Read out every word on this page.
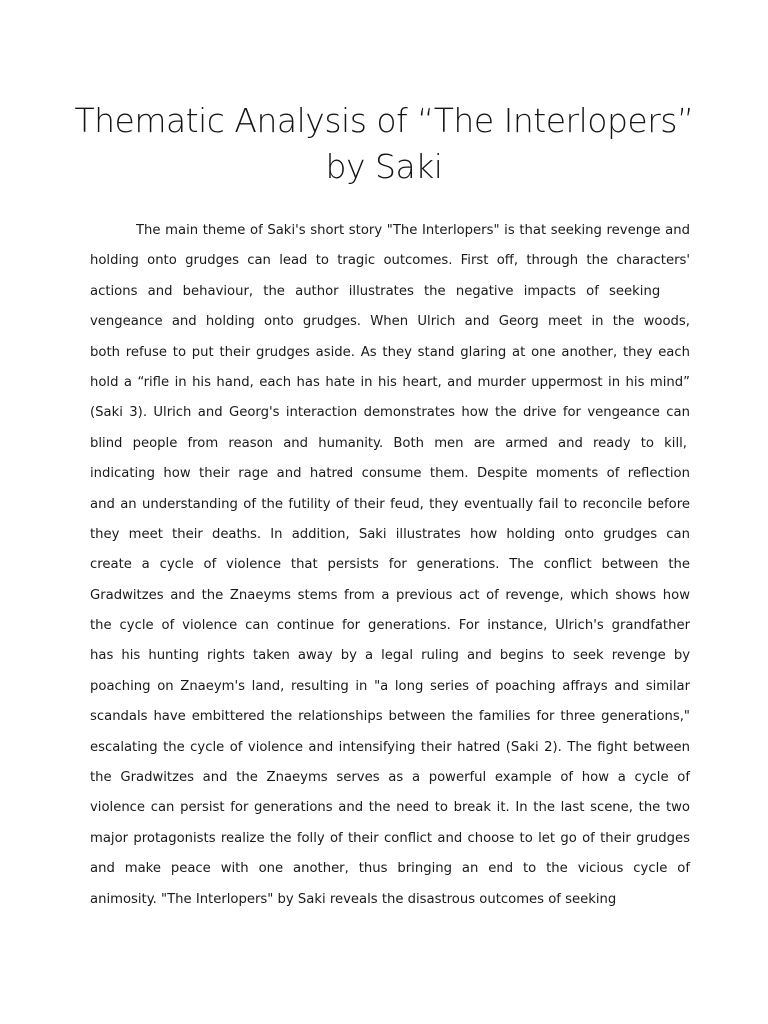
Thematic Analysis of “The Interlopers”
by Saki
The main theme of Saki's short story "The Interlopers" is that seeking revenge and
holding onto grudges can lead to tragic outcomes. First off, through the characters'
actions and behaviour, the author illustrates the negative impacts of seeking
vengeance and holding onto grudges. When Ulrich and Georg meet in the woods,
both refuse to put their grudges aside. As they stand glaring at one another, they each
hold a “rifle in his hand, each has hate in his heart, and murder uppermost in his mind”
(Saki 3). Ulrich and Georg's interaction demonstrates how the drive for vengeance can
blind people from reason and humanity. Both men are armed and ready to kill,
indicating how their rage and hatred consume them. Despite moments of reflection
and an understanding of the futility of their feud, they eventually fail to reconcile before
they meet their deaths. In addition, Saki illustrates how holding onto grudges can
create a cycle of violence that persists for generations. The conflict between the
Gradwitzes and the Znaeyms stems from a previous act of revenge, which shows how
the cycle of violence can continue for generations. For instance, Ulrich's grandfather
has his hunting rights taken away by a legal ruling and begins to seek revenge by
poaching on Znaeym's land, resulting in "a long series of poaching affrays and similar
scandals have embittered the relationships between the families for three generations,"
escalating the cycle of violence and intensifying their hatred (Saki 2). The fight between
the Gradwitzes and the Znaeyms serves as a powerful example of how a cycle of
violence can persist for generations and the need to break it. In the last scene, the two
major protagonists realize the folly of their conflict and choose to let go of their grudges
and make peace with one another, thus bringing an end to the vicious cycle of
animosity. "The Interlopers" by Saki reveals the disastrous outcomes of seeking
